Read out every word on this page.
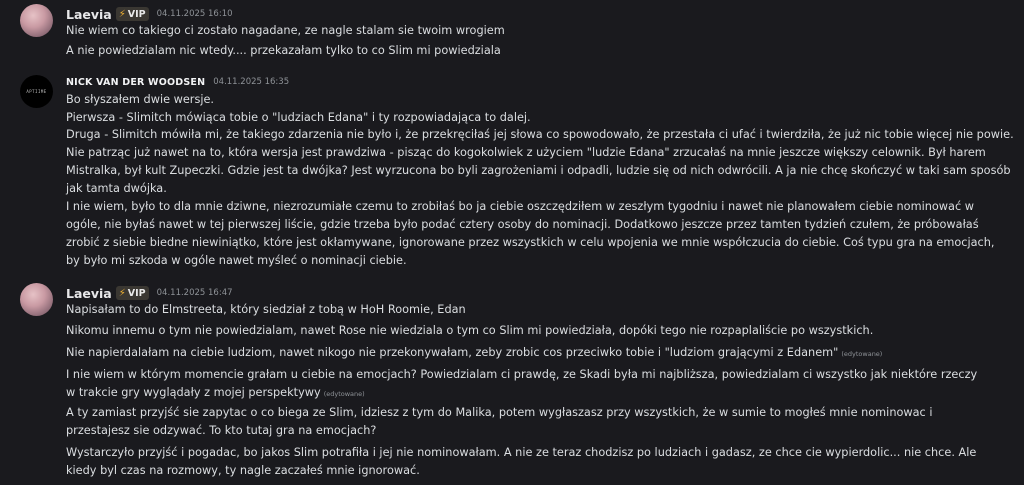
Laevia ⚡ VIP 04.11.2025 16:10
Nie wiem co takiego ci zostało nagadane, ze nagle stalam sie twoim wrogiem
A nie powiedzialam nic wtedy.... przekazałam tylko to co Slim mi powiedziala
APTIIME
NICK VAN DER WOODSEN 04.11.2025 16:35
Bo słyszałem dwie wersje.
Pierwsza - Slimitch mówiąca tobie o "ludziach Edana" i ty rozpowiadająca to dalej.
Druga - Slimitch mówiła mi, że takiego zdarzenia nie było i, że przekręciłaś jej słowa co spowodowało, że przestała ci ufać i twierdziła, że już nic tobie więcej nie powie.
Nie patrząc już nawet na to, która wersja jest prawdziwa - pisząc do kogokolwiek z użyciem "ludzie Edana" zrzucałaś na mnie jeszcze większy celownik. Był harem Mistralka, był kult Zupeczki. Gdzie jest ta dwójka? Jest wyrzucona bo byli zagrożeniami i odpadli, ludzie się od nich odwrócili. A ja nie chcę skończyć w taki sam sposób jak tamta dwójka.
I nie wiem, było to dla mnie dziwne, niezrozumiałe czemu to zrobiłaś bo ja ciebie oszczędziłem w zeszłym tygodniu i nawet nie planowałem ciebie nominować w ogóle, nie byłaś nawet w tej pierwszej liście, gdzie trzeba było podać cztery osoby do nominacji. Dodatkowo jeszcze przez tamten tydzień czułem, że próbowałaś zrobić z siebie biedne niewiniątko, które jest okłamywane, ignorowane przez wszystkich w celu wpojenia we mnie współczucia do ciebie. Coś typu gra na emocjach, by było mi szkoda w ogóle nawet myśleć o nominacji ciebie.
Laevia ⚡ VIP 04.11.2025 16:47
Napisałam to do Elmstreeta, który siedział z tobą w HoH Roomie, Edan
Nikomu innemu o tym nie powiedzialam, nawet Rose nie wiedziala o tym co Slim mi powiedziała, dopóki tego nie rozpaplaliście po wszystkich.
Nie napierdalałam na ciebie ludziom, nawet nikogo nie przekonywałam, zeby zrobic cos przeciwko tobie i "ludziom grającymi z Edanem" (edytowane)
I nie wiem w którym momencie grałam u ciebie na emocjach? Powiedzialam ci prawdę, ze Skadi była mi najbliższa, powiedzialam ci wszystko jak niektóre rzeczy w trakcie gry wyglądały z mojej perspektywy (edytowane)
A ty zamiast przyjść sie zapytac o co biega ze Slim, idziesz z tym do Malika, potem wygłaszasz przy wszystkich, że w sumie to mogłeś mnie nominowac i przestajesz sie odzywać. To kto tutaj gra na emocjach?
Wystarczyło przyjść i pogadac, bo jakos Slim potrafiła i jej nie nominowałam. A nie ze teraz chodzisz po ludziach i gadasz, ze chce cie wypierdolic... nie chce. Ale kiedy byl czas na rozmowy, ty nagle zaczałeś mnie ignorować.
